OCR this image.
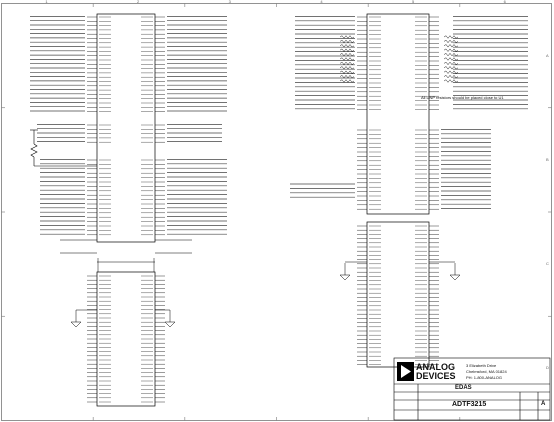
All DNP resistors should be placed close to U1
ANALOG DEVICES
3 Elizabeth Drive
Chelmsford, MA 01824
PH: 1-800-ANALOG
EDAS
ADTF3215	A
1	2	3	4	5	6
A
B
C
D
